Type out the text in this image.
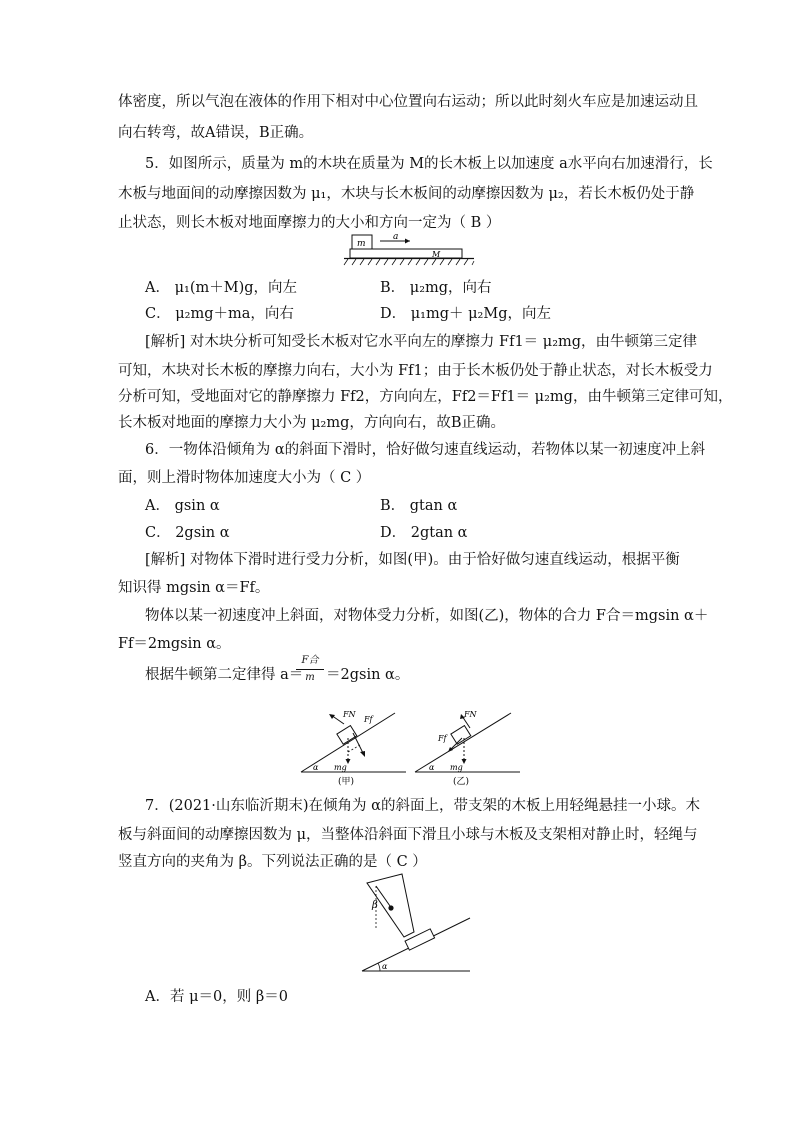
体密度，所以气泡在液体的作用下相对中心位置向右运动；所以此时刻火车应是加速运动且
向右转弯，故A错误，B正确。
5．如图所示，质量为 m的木块在质量为 M的长木板上以加速度 a水平向右加速滑行，长
木板与地面间的动摩擦因数为 μ₁，木块与长木板间的动摩擦因数为 μ₂，若长木板仍处于静
止状态，则长木板对地面摩擦力的大小和方向一定为（ B ）
m
a
M
A． μ₁(m＋M)g，向左	B． μ₂mg，向右
C． μ₂mg＋ma，向右	D． μ₁mg＋ μ₂Mg，向左
[解析] 对木块分析可知受长木板对它水平向左的摩擦力 Ff1＝ μ₂mg，由牛顿第三定律
可知，木块对长木板的摩擦力向右，大小为 Ff1；由于长木板仍处于静止状态，对长木板受力
分析可知，受地面对它的静摩擦力 Ff2，方向向左，Ff2＝Ff1＝ μ₂mg，由牛顿第三定律可知，
长木板对地面的摩擦力大小为 μ₂mg，方向向右，故B正确。
6．一物体沿倾角为 α的斜面下滑时，恰好做匀速直线运动，若物体以某一初速度冲上斜
面，则上滑时物体加速度大小为（ C ）
A． gsin α	B． gtan α
C． 2gsin α	D． 2gtan α
[解析] 对物体下滑时进行受力分析，如图(甲)。由于恰好做匀速直线运动，根据平衡
知识得 mgsin α＝Ff。
物体以某一初速度冲上斜面，对物体受力分析，如图(乙)，物体的合力 F合＝mgsin α＋
Ff＝2mgsin α。
根据牛顿第二定律得 a＝
F合
m ＝2gsin α。
FN
Ff
α mg
(甲)
FN
Ff
α mg
(乙)
7．(2021·山东临沂期末)在倾角为 α的斜面上，带支架的木板上用轻绳悬挂一小球。木
板与斜面间的动摩擦因数为 μ，当整体沿斜面下滑且小球与木板及支架相对静止时，轻绳与
竖直方向的夹角为 β。下列说法正确的是（ C ）
α
β
A．若 μ＝0，则 β＝0
